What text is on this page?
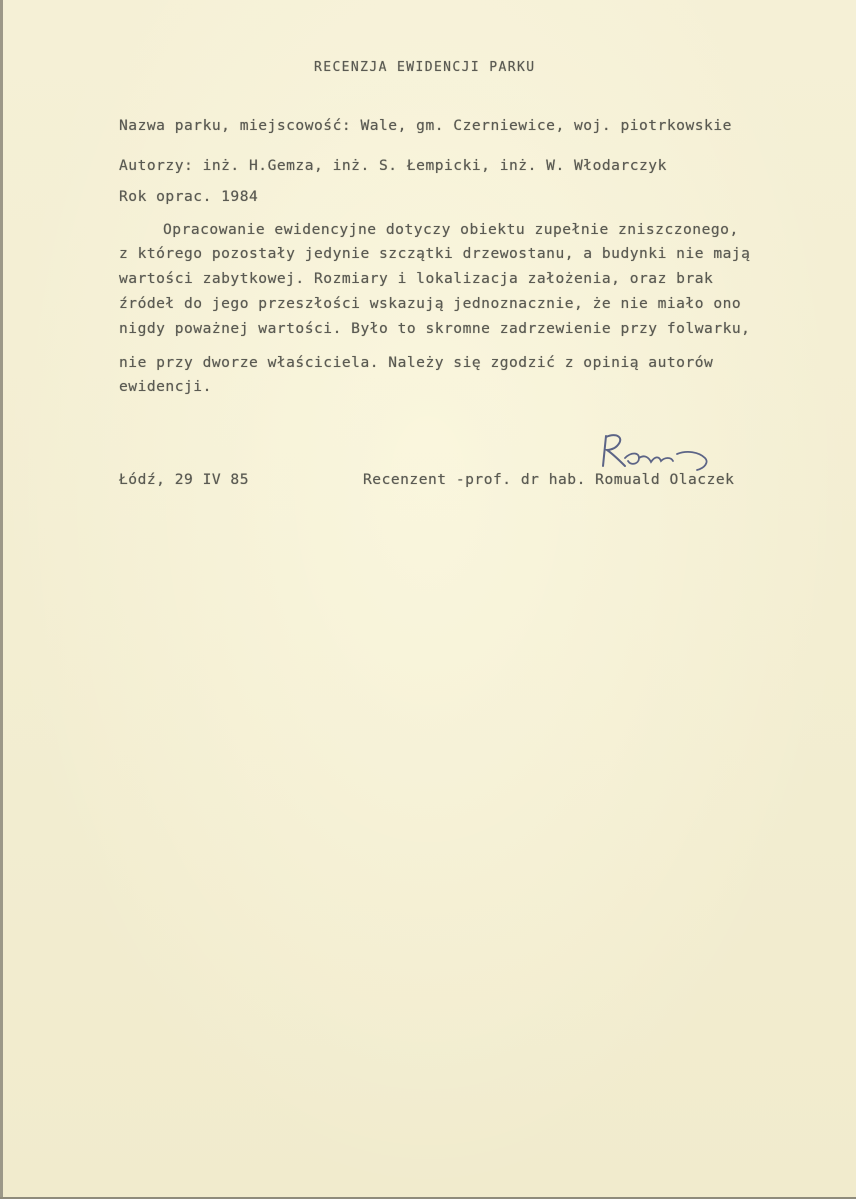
RECENZJA EWIDENCJI PARKU
Nazwa parku, miejscowość: Wale, gm. Czerniewice, woj. piotrkowskie
Autorzy: inż. H.Gemza, inż. S. Łempicki, inż. W. Włodarczyk
Rok oprac. 1984
Opracowanie ewidencyjne dotyczy obiektu zupełnie zniszczonego,
z którego pozostały jedynie szczątki drzewostanu, a budynki nie mają
wartości zabytkowej. Rozmiary i lokalizacja założenia, oraz brak
źródeł do jego przeszłości wskazują jednoznacznie, że nie miało ono
nigdy poważnej wartości. Było to skromne zadrzewienie przy folwarku,
nie przy dworze właściciela. Należy się zgodzić z opinią autorów
ewidencji.
Łódź, 29 IV 85	Recenzent -prof. dr hab. Romuald Olaczek
